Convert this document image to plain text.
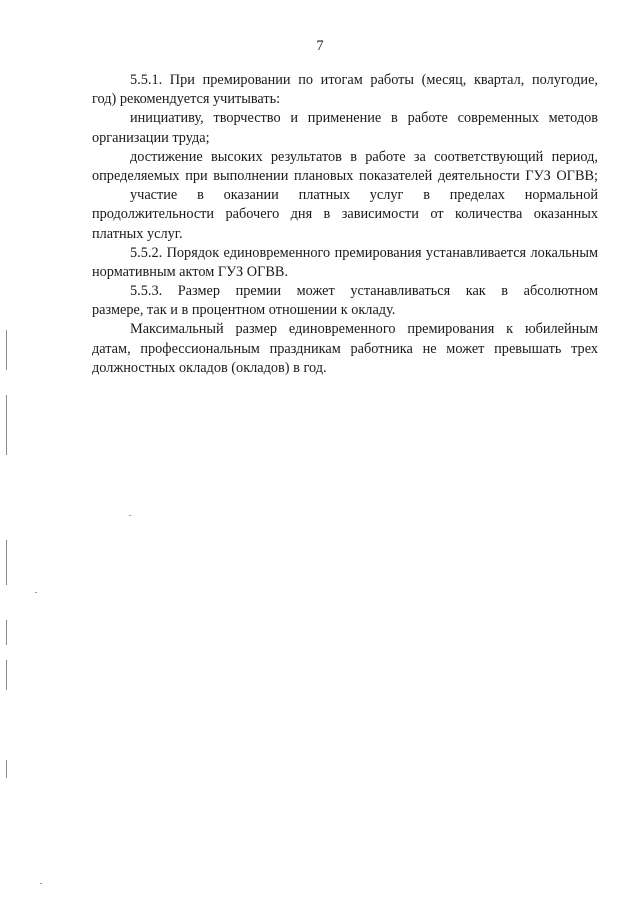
7
5.5.1. При премировании по итогам работы (месяц, квартал, полугодие,
год) рекомендуется учитывать:
инициативу, творчество и применение в работе современных методов
организации труда;
достижение высоких результатов в работе за соответствующий период,
определяемых при выполнении плановых показателей деятельности ГУЗ ОГВВ;
участие в оказании платных услуг в пределах нормальной
продолжительности рабочего дня в зависимости от количества оказанных
платных услуг.
5.5.2. Порядок единовременного премирования устанавливается локальным
нормативным актом ГУЗ ОГВВ.
5.5.3. Размер премии может устанавливаться как в абсолютном
размере, так и в процентном отношении к окладу.
Максимальный размер единовременного премирования к юбилейным
датам, профессиональным праздникам работника не может превышать трех
должностных окладов (окладов) в год.
